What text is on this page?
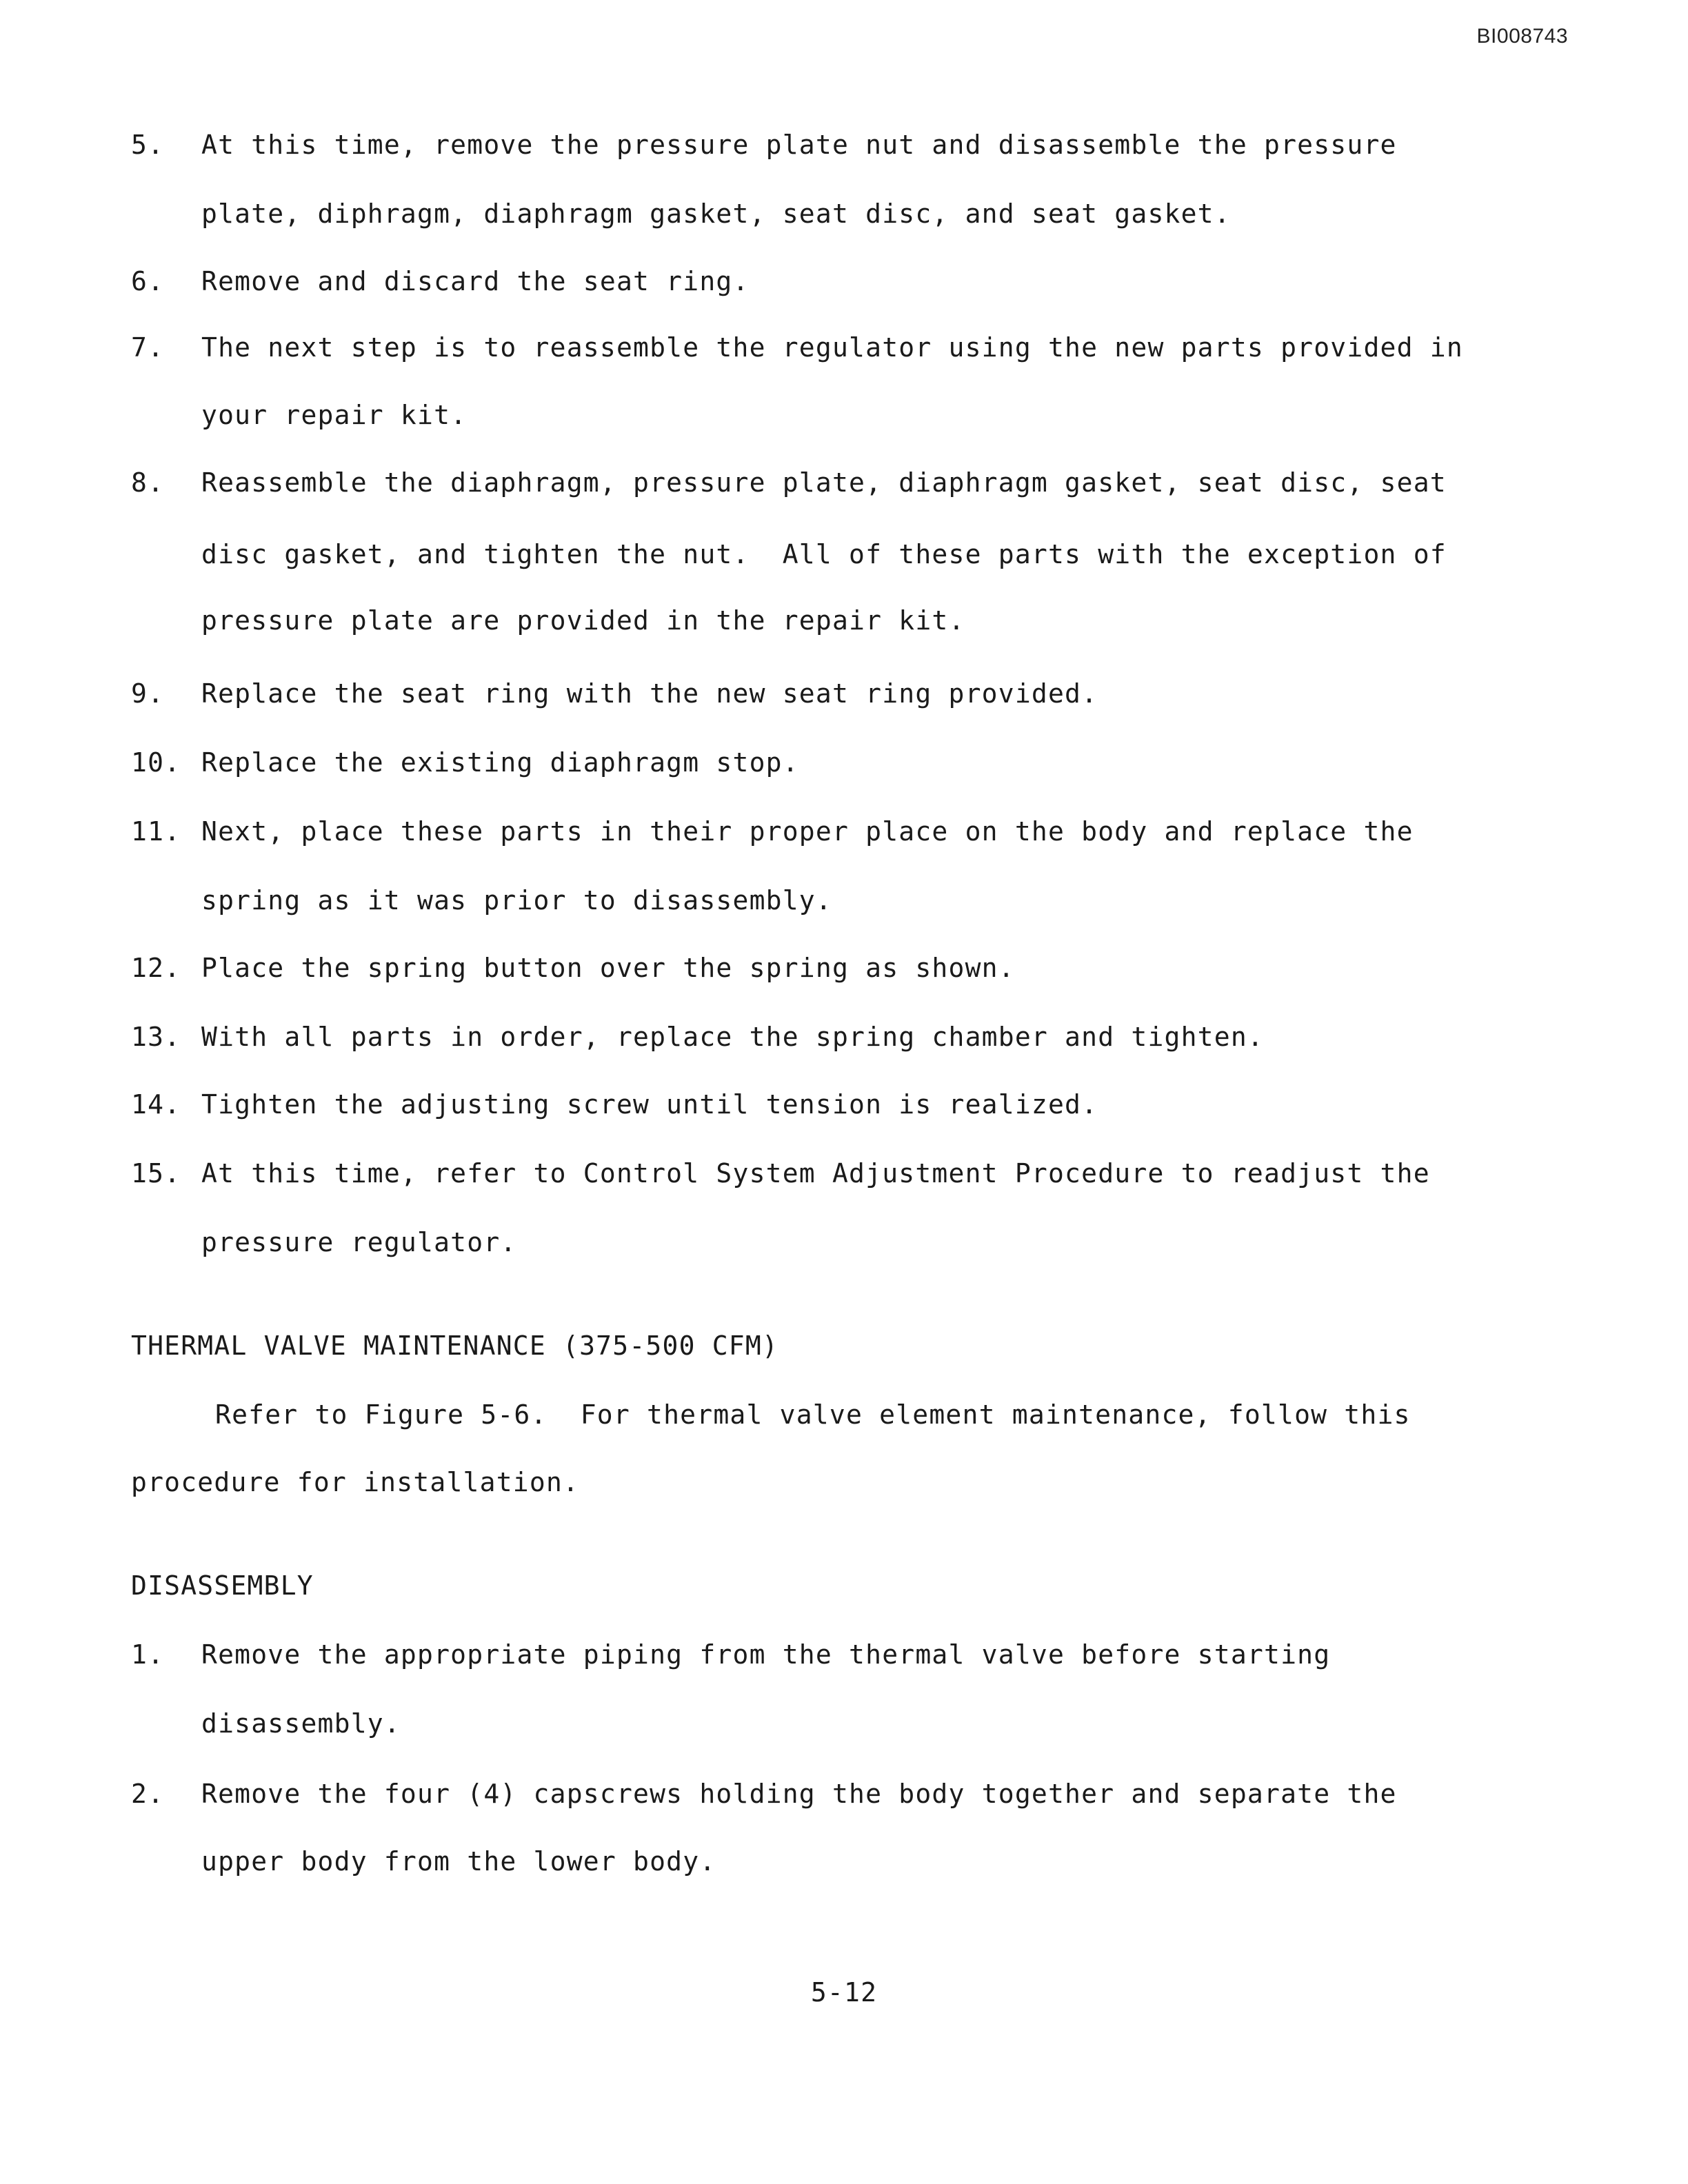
BI008743
5. At this time, remove the pressure plate nut and disassemble the pressure
plate, diphragm, diaphragm gasket, seat disc, and seat gasket.
6. Remove and discard the seat ring.
7. The next step is to reassemble the regulator using the new parts provided in
your repair kit.
8. Reassemble the diaphragm, pressure plate, diaphragm gasket, seat disc, seat
disc gasket, and tighten the nut.  All of these parts with the exception of
pressure plate are provided in the repair kit.
9. Replace the seat ring with the new seat ring provided.
10. Replace the existing diaphragm stop.
11. Next, place these parts in their proper place on the body and replace the
spring as it was prior to disassembly.
12. Place the spring button over the spring as shown.
13. With all parts in order, replace the spring chamber and tighten.
14. Tighten the adjusting screw until tension is realized.
15. At this time, refer to Control System Adjustment Procedure to readjust the
pressure regulator.
THERMAL VALVE MAINTENANCE (375-500 CFM)
Refer to Figure 5-6.  For thermal valve element maintenance, follow this
procedure for installation.
DISASSEMBLY
1. Remove the appropriate piping from the thermal valve before starting
disassembly.
2. Remove the four (4) capscrews holding the body together and separate the
upper body from the lower body.
5-12
